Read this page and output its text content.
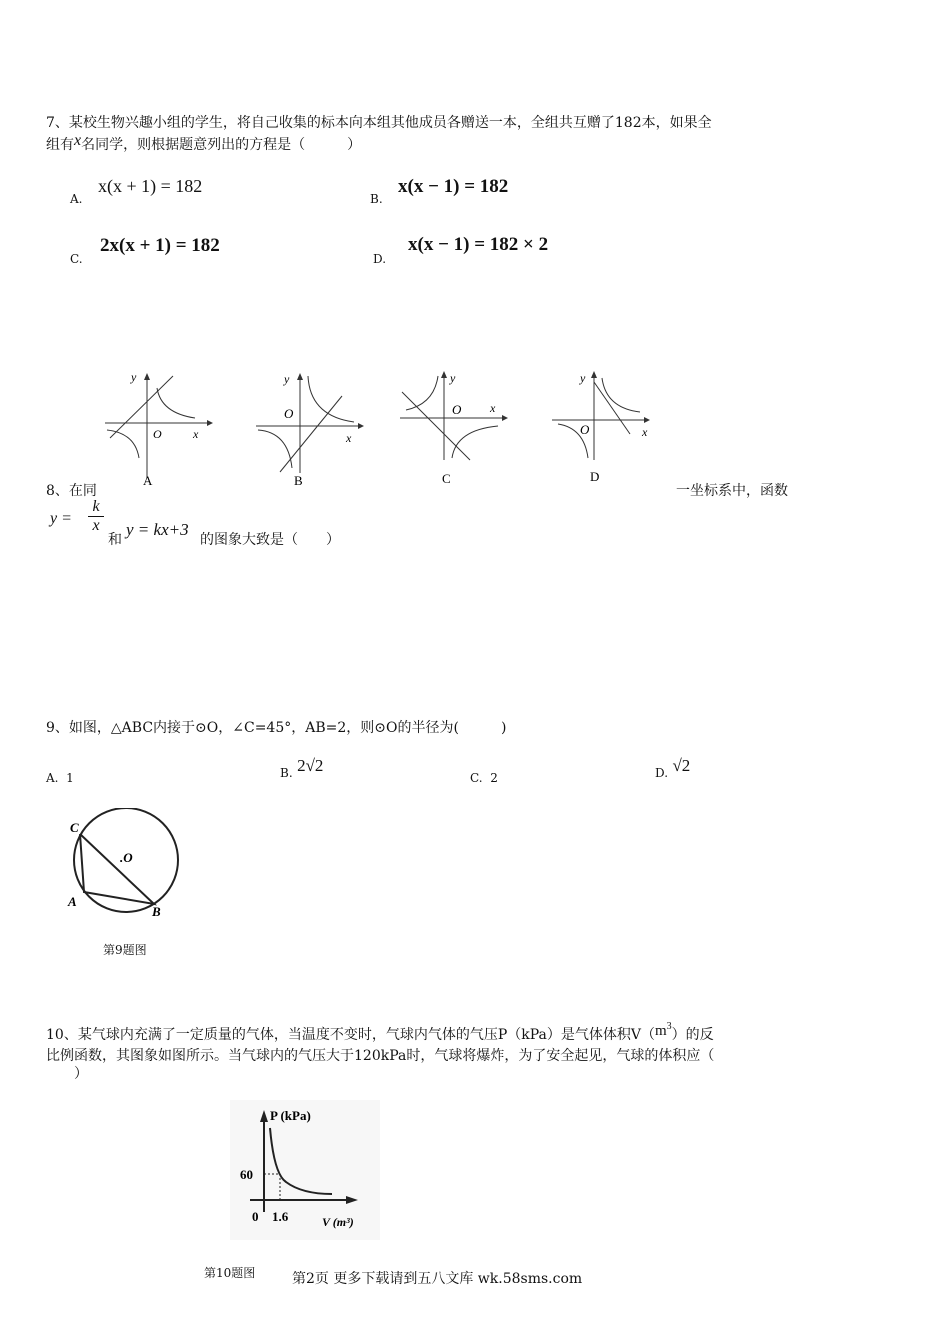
7、某校生物兴趣小组的学生，将自己收集的标本向本组其他成员各赠送一本，全组共互赠了182本，如果全
组有x名同学，则根据题意列出的方程是（　　　）
A.
x(x + 1) = 182
B.
x(x − 1) = 182
C.
2x(x + 1) = 182
D.
x(x − 1) = 182 × 2
y
O	x
A
y
O
x
B
y
O x
C
y
O	x
D
8、在同	一坐标系中，函数
y =
k
x
和
y = kx+3
的图象大致是（　　）
9、如图，△ABC内接于⊙O，∠C=45°，AB=2，则⊙O的半径为(　　　)
A. 1	B. 2√2
C. 2	D. √2
C
.O
A
B
第9题图
10、某气球内充满了一定质量的气体，当温度不变时，气球内气体的气压P（kPa）是气体体积$V(m^3)$的反
比例函数，其图象如图所示。当气球内的气压大于120kPa时，气球将爆炸，为了安全起见，气球的体积应（
　　）
P (kPa)
60
0 1.6	V (m³)
第10题图	第2页 更多下载请到五八文库 wk.58sms.com
